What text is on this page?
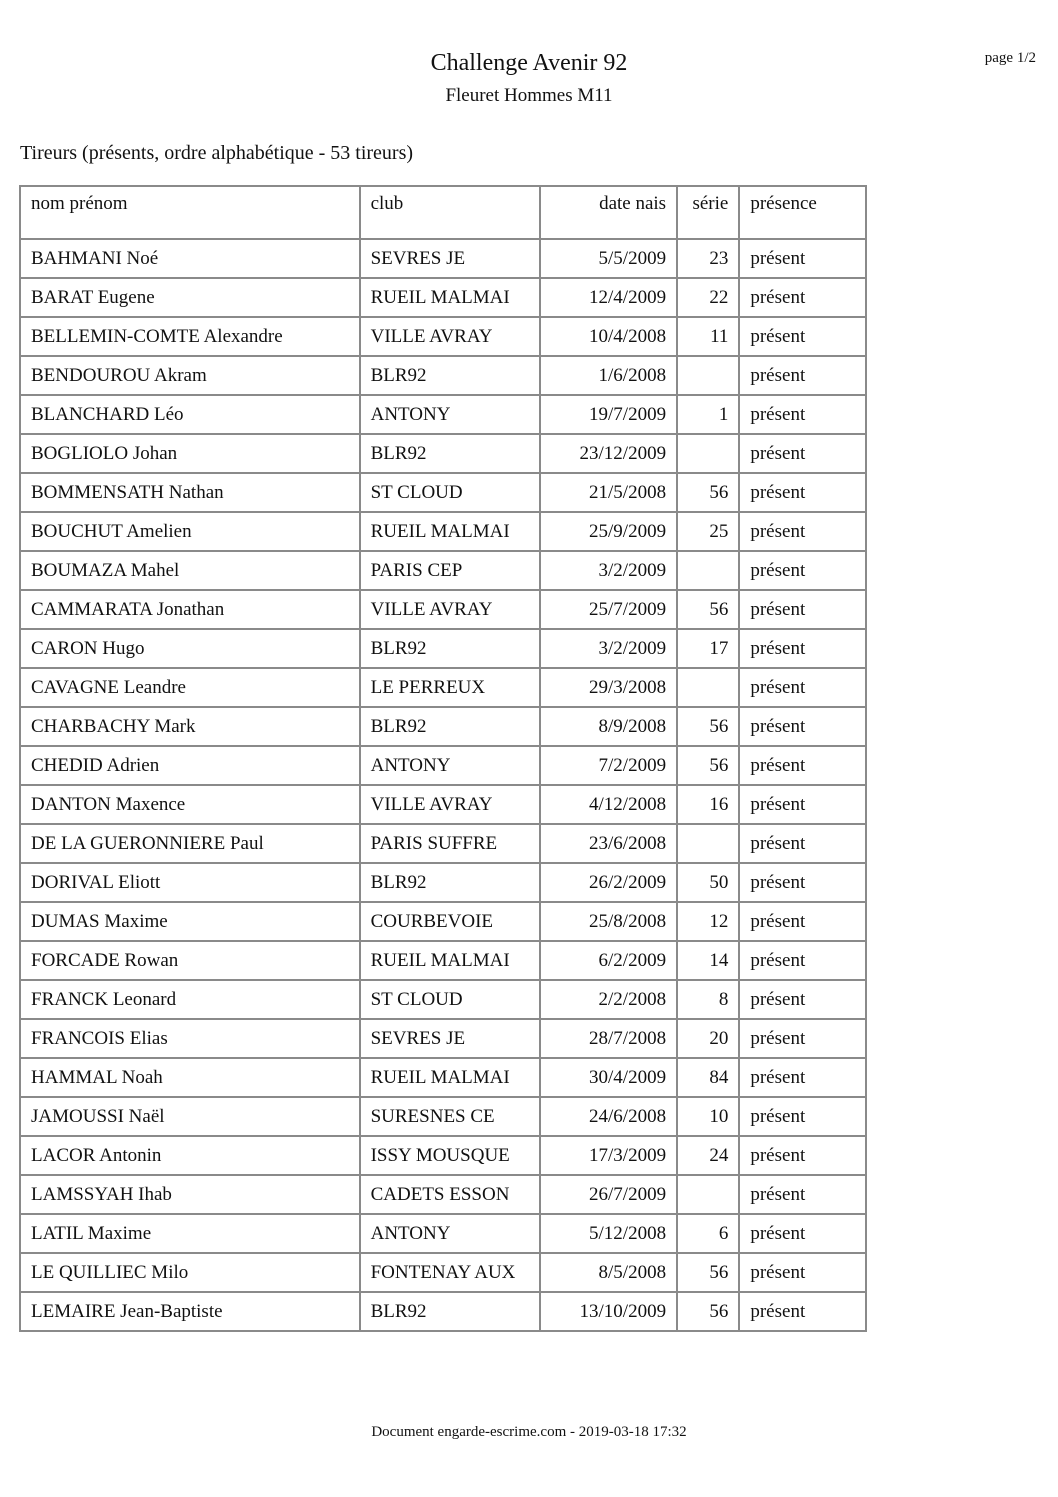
Challenge Avenir 92
Fleuret Hommes M11
page 1/2
Tireurs (présents, ordre alphabétique - 53 tireurs)
nom prénom	club	date nais	série	présence
BAHMANI Noé	SEVRES JE	5/5/2009	23	présent
BARAT Eugene	RUEIL MALMAI	12/4/2009	22	présent
BELLEMIN-COMTE Alexandre	VILLE AVRAY	10/4/2008	11	présent
BENDOUROU Akram	BLR92	1/6/2008		présent
BLANCHARD Léo	ANTONY	19/7/2009	1	présent
BOGLIOLO Johan	BLR92	23/12/2009		présent
BOMMENSATH Nathan	ST CLOUD	21/5/2008	56	présent
BOUCHUT Amelien	RUEIL MALMAI	25/9/2009	25	présent
BOUMAZA Mahel	PARIS CEP	3/2/2009		présent
CAMMARATA Jonathan	VILLE AVRAY	25/7/2009	56	présent
CARON Hugo	BLR92	3/2/2009	17	présent
CAVAGNE Leandre	LE PERREUX	29/3/2008		présent
CHARBACHY Mark	BLR92	8/9/2008	56	présent
CHEDID Adrien	ANTONY	7/2/2009	56	présent
DANTON Maxence	VILLE AVRAY	4/12/2008	16	présent
DE LA GUERONNIERE Paul	PARIS SUFFRE	23/6/2008		présent
DORIVAL Eliott	BLR92	26/2/2009	50	présent
DUMAS Maxime	COURBEVOIE	25/8/2008	12	présent
FORCADE Rowan	RUEIL MALMAI	6/2/2009	14	présent
FRANCK Leonard	ST CLOUD	2/2/2008	8	présent
FRANCOIS Elias	SEVRES JE	28/7/2008	20	présent
HAMMAL Noah	RUEIL MALMAI	30/4/2009	84	présent
JAMOUSSI Naël	SURESNES CE	24/6/2008	10	présent
LACOR Antonin	ISSY MOUSQUE	17/3/2009	24	présent
LAMSSYAH Ihab	CADETS ESSON	26/7/2009		présent
LATIL Maxime	ANTONY	5/12/2008	6	présent
LE QUILLIEC Milo	FONTENAY AUX	8/5/2008	56	présent
LEMAIRE Jean-Baptiste	BLR92	13/10/2009	56	présent
Document engarde-escrime.com - 2019-03-18 17:32
